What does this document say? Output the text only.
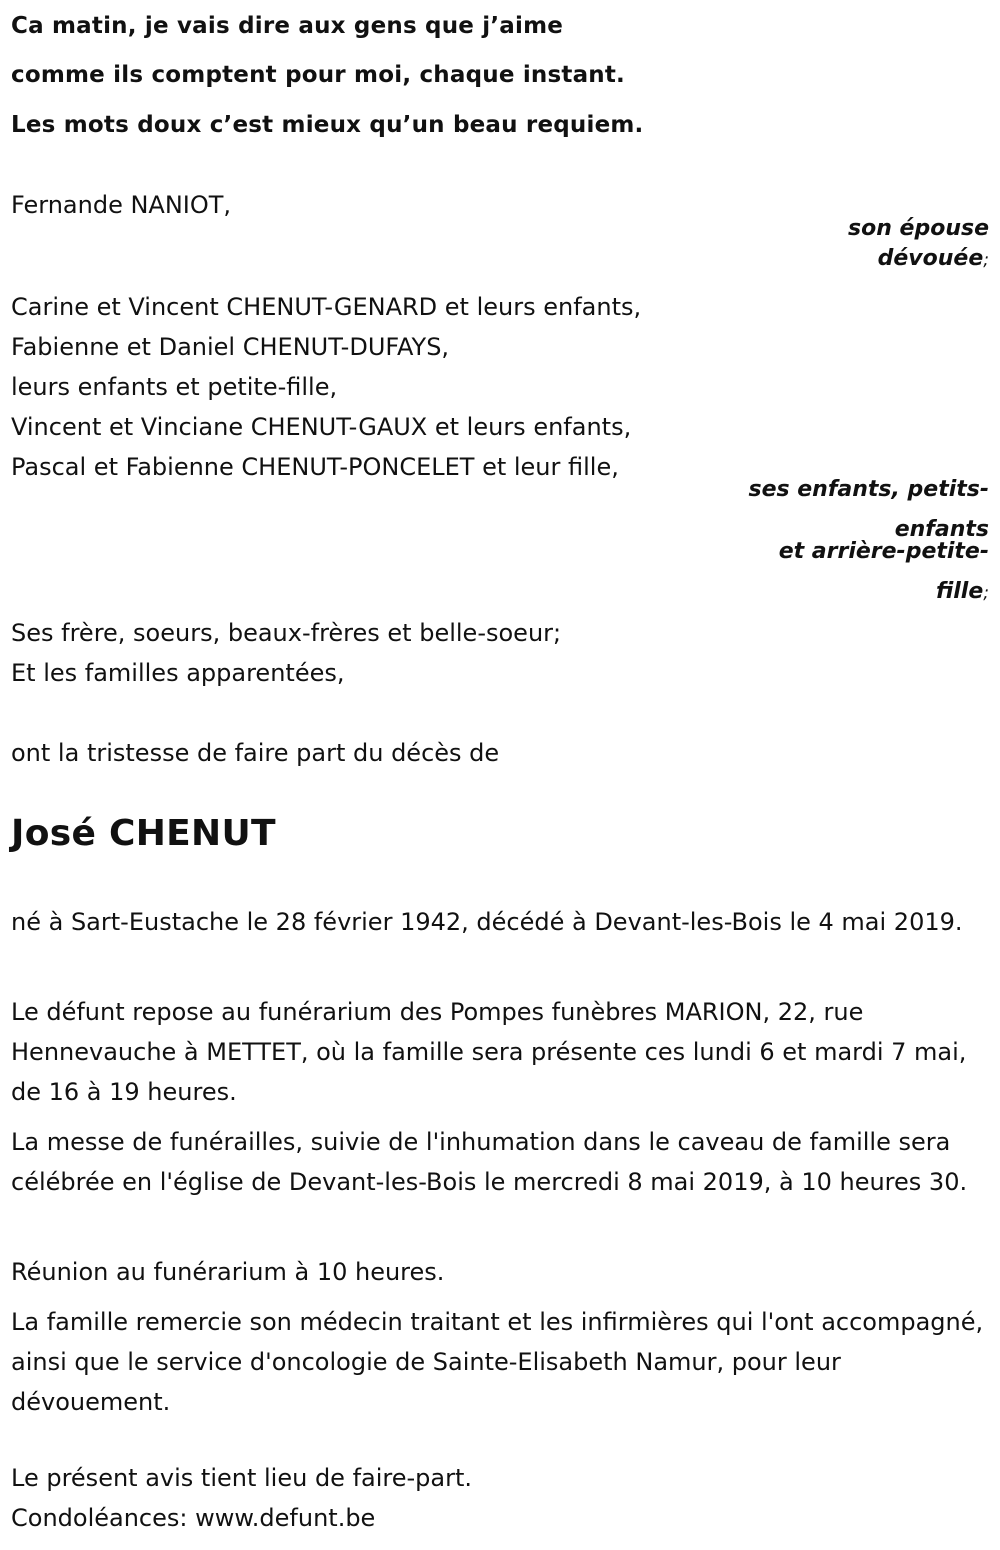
Ca matin, je vais dire aux gens que j’aime
comme ils comptent pour moi, chaque instant.
Les mots doux c’est mieux qu’un beau requiem.
Fernande NANIOT,
son épouse
dévouée;
Carine et Vincent CHENUT-GENARD et leurs enfants,
Fabienne et Daniel CHENUT-DUFAYS,
leurs enfants et petite-fille,
Vincent et Vinciane CHENUT-GAUX et leurs enfants,
Pascal et Fabienne CHENUT-PONCELET et leur fille,
ses enfants, petits-
enfants
et arrière-petite-
fille;
Ses frère, soeurs, beaux-frères et belle-soeur;
Et les familles apparentées,
ont la tristesse de faire part du décès de
José CHENUT
né à Sart-Eustache le 28 février 1942, décédé à Devant-les-Bois le 4 mai 2019.
Le défunt repose au funérarium des Pompes funèbres MARION, 22, rue Hennevauche à METTET, où la famille sera présente ces lundi 6 et mardi 7 mai, de 16 à 19 heures.
La messe de funérailles, suivie de l'inhumation dans le caveau de famille sera célébrée en l'église de Devant-les-Bois le mercredi 8 mai 2019, à 10 heures 30.
Réunion au funérarium à 10 heures.
La famille remercie son médecin traitant et les infirmières qui l'ont accompagné, ainsi que le service d'oncologie de Sainte-Elisabeth Namur, pour leur dévouement.
Le présent avis tient lieu de faire-part.
Condoléances: www.defunt.be
